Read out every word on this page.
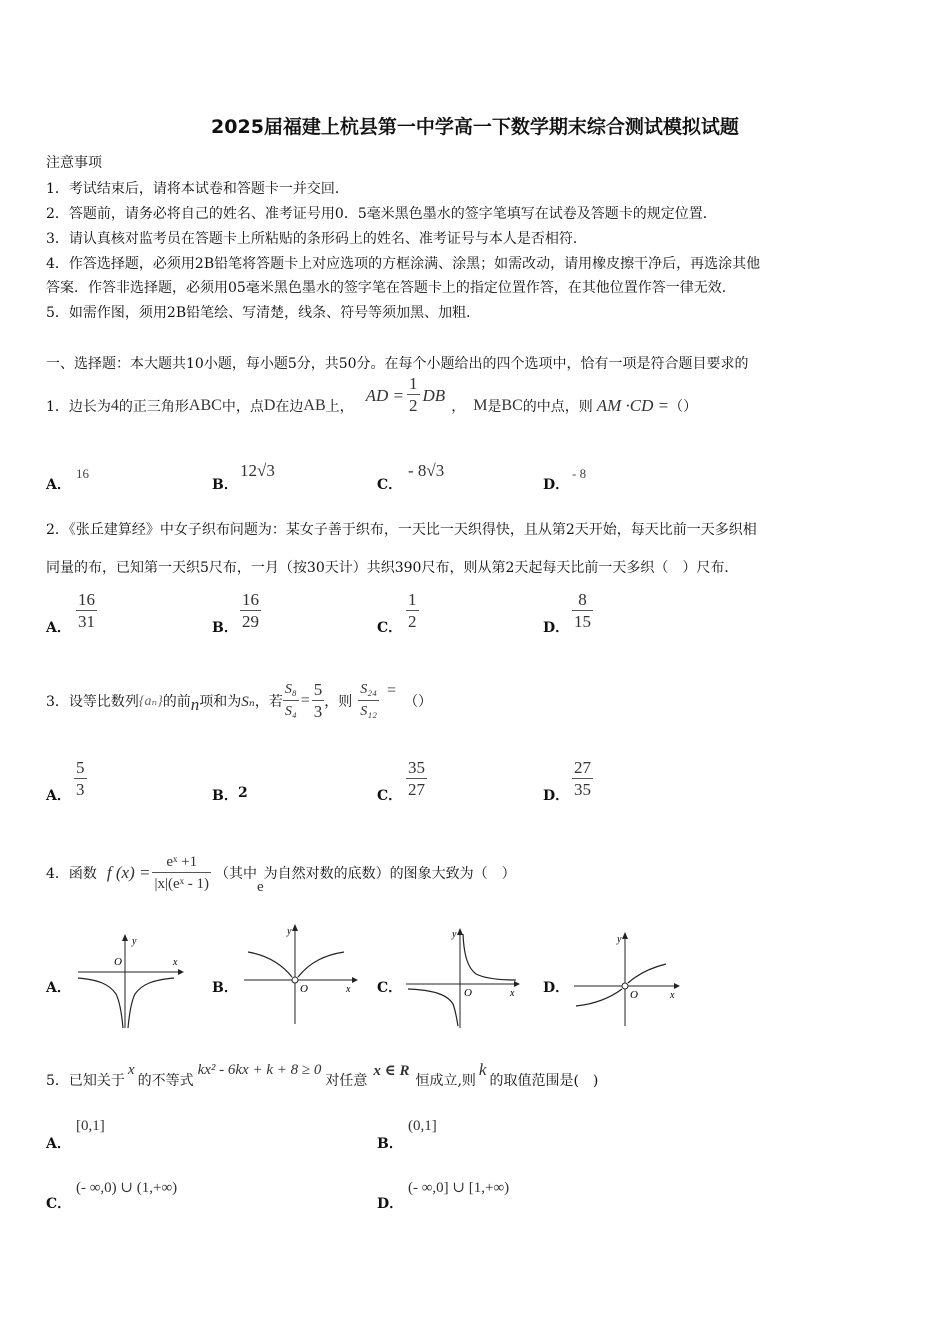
2025届福建上杭县第一中学高一下数学期末综合测试模拟试题
注意事项
1．考试结束后，请将本试卷和答题卡一并交回．
2．答题前，请务必将自己的姓名、准考证号用0．5毫米黑色墨水的签字笔填写在试卷及答题卡的规定位置．
3．请认真核对监考员在答题卡上所粘贴的条形码上的姓名、准考证号与本人是否相符．
4．作答选择题，必须用2B铅笔将答题卡上对应选项的方框涂满、涂黑；如需改动，请用橡皮擦干净后，再选涂其他
答案．作答非选择题，必须用05毫米黑色墨水的签字笔在答题卡上的指定位置作答，在其他位置作答一律无效．
5．如需作图，须用2B铅笔绘、写清楚，线条、符号等须加黑、加粗．
一、选择题：本大题共10小题，每小题5分，共50分。在每个小题给出的四个选项中，恰有一项是符合题目要求的
1．边长为 4 的正三角形 ABC 中，点 D 在边 AB 上，
AD = $\frac{1}{2}$ DB
， M 是 BC 的中点，则 AM ·CD = （）
A．
16
B．
12√3
C．
- 8√3
D．
- 8
2．《张丘建算经》中女子织布问题为：某女子善于织布，一天比一天织得快，且从第2天开始，每天比前一天多织相
同量的布，已知第一天织5尺布，一月（按30天计）共织390尺布，则从第2天起每天比前一天多织（　）尺布．
A． $\frac{16}{31}$	B． $\frac{16}{29}$	C． $\frac{1}{2}$	D． $\frac{8}{15}$
3．设等比数列 {aₙ} 的前 n 项和为 Sₙ ，若 $\frac{\text{S₈}}{\text{S₄}} = \frac{5}{3}$ ，则 $\frac{\text{S₂₄}}{\text{S₁₂}}$ =
（）
A． $\frac{5}{3}$	B． 2	C． $\frac{35}{27}$	D． $\frac{27}{35}$
4．函数 f $(x) = \frac{\text{eˣ +1}}{\text{|x|(eˣ - 1)}}$ （其中
e
为自然对数的底数）的图象大致为（　）
A．
y
x
O
B．
y
x
O	C．
y
x
O	D．
y
x
O
5．已知关于
x
的不等式
kx² - 6kx + k + 8 ≥ 0
对任意
x ∈ R
恒成立,则
k
的取值范围是(　)
A．
[0,1]
B．
(0,1]
C．
(- ∞,0) ∪ (1,+∞)
D．
(- ∞,0] ∪ [1,+∞)
